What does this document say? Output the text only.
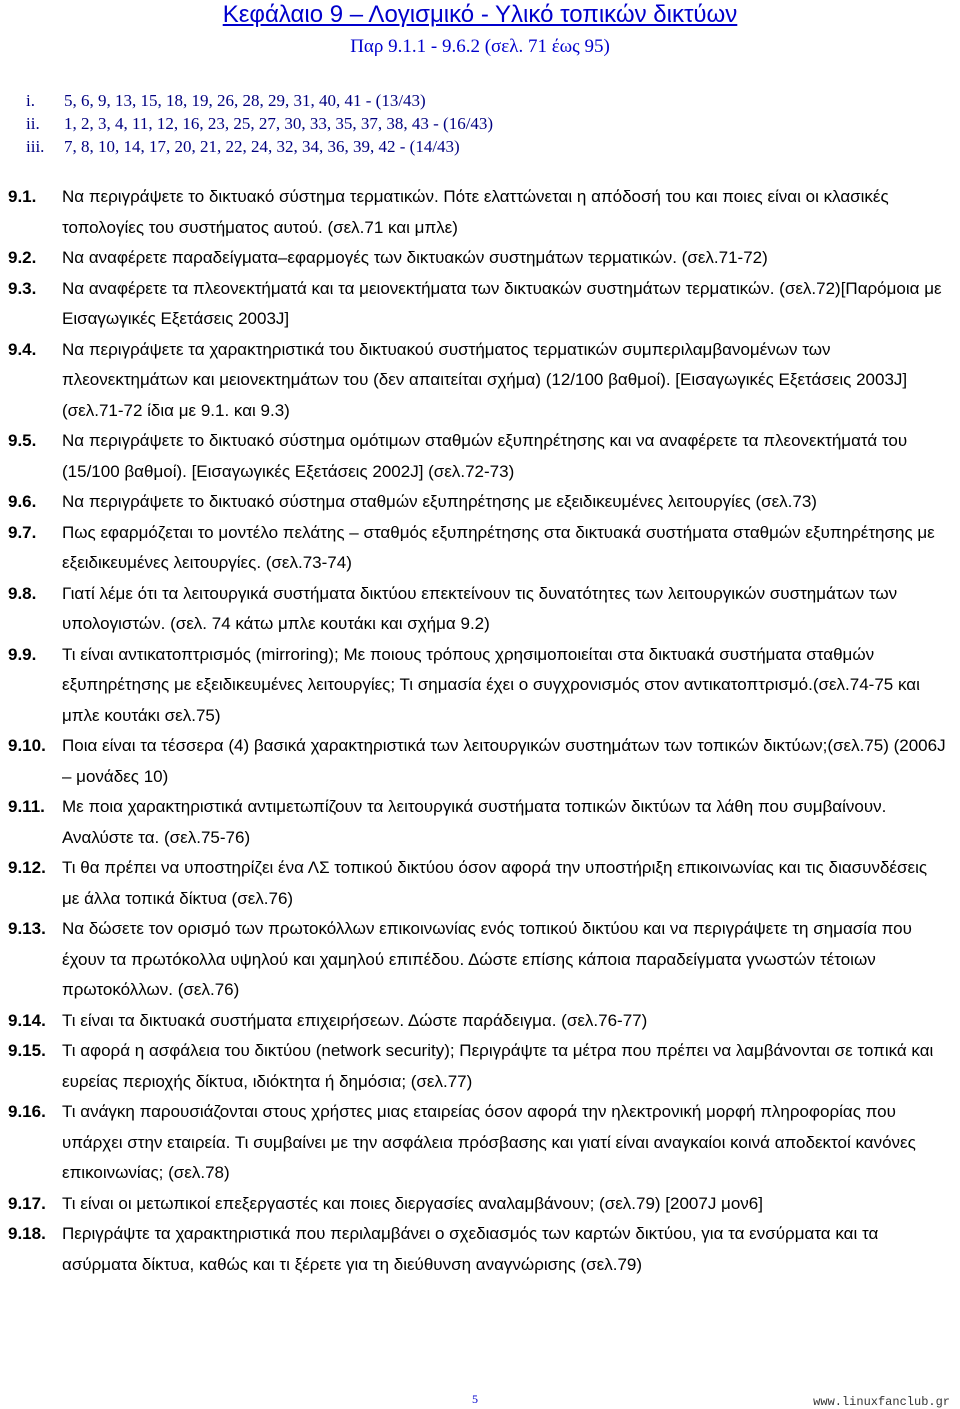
Κεφάλαιο 9 – Λογισμικό - Υλικό τοπικών δικτύων
Παρ 9.1.1 - 9.6.2 (σελ. 71 έως 95)
i.	5, 6, 9, 13, 15, 18, 19, 26, 28, 29, 31, 40, 41 - (13/43)
ii.	1, 2, 3, 4, 11, 12, 16, 23, 25, 27, 30, 33, 35, 37, 38, 43 - (16/43)
iii.	7, 8, 10, 14, 17, 20, 21, 22, 24, 32, 34, 36, 39, 42 - (14/43)
9.1. Να περιγράψετε το δικτυακό σύστημα τερματικών. Πότε ελαττώνεται η απόδοσή του και ποιες είναι οι κλασικές τοπολογίες του συστήματος αυτού. (σελ.71 και μπλε)
9.2. Να αναφέρετε παραδείγματα–εφαρμογές των δικτυακών συστημάτων τερματικών. (σελ.71-72)
9.3. Να αναφέρετε τα πλεονεκτήματά και τα μειονεκτήματα των δικτυακών συστημάτων τερματικών. (σελ.72)[Παρόμοια με Εισαγωγικές Εξετάσεις 2003J]
9.4. Να περιγράψετε τα χαρακτηριστικά του δικτυακού συστήματος τερματικών συμπεριλαμβανομένων των πλεονεκτημάτων και μειονεκτημάτων του (δεν απαιτείται σχήμα) (12/100 βαθμοί). [Εισαγωγικές Εξετάσεις 2003J] (σελ.71-72 ίδια με 9.1. και 9.3)
9.5. Να περιγράψετε το δικτυακό σύστημα ομότιμων σταθμών εξυπηρέτησης και να αναφέρετε τα πλεονεκτήματά του (15/100 βαθμοί). [Εισαγωγικές Εξετάσεις 2002J] (σελ.72-73)
9.6. Να περιγράψετε το δικτυακό σύστημα σταθμών εξυπηρέτησης με εξειδικευμένες λειτουργίες (σελ.73)
9.7. Πως εφαρμόζεται το μοντέλο πελάτης – σταθμός εξυπηρέτησης στα δικτυακά συστήματα σταθμών εξυπηρέτησης με εξειδικευμένες λειτουργίες. (σελ.73-74)
9.8. Γιατί λέμε ότι τα λειτουργικά συστήματα δικτύου επεκτείνουν τις δυνατότητες των λειτουργικών συστημάτων των υπολογιστών. (σελ. 74 κάτω μπλε κουτάκι και σχήμα 9.2)
9.9. Τι είναι αντικατοπτρισμός (mirroring); Με ποιους τρόπους χρησιμοποιείται στα δικτυακά συστήματα σταθμών εξυπηρέτησης με εξειδικευμένες λειτουργίες; Τι σημασία έχει ο συγχρονισμός στον αντικατοπτρισμό.(σελ.74-75 και μπλε κουτάκι σελ.75)
9.10. Ποια είναι τα τέσσερα (4) βασικά χαρακτηριστικά των λειτουργικών συστημάτων των τοπικών δικτύων;(σελ.75) (2006J – μονάδες 10)
9.11. Με ποια χαρακτηριστικά αντιμετωπίζουν τα λειτουργικά συστήματα τοπικών δικτύων τα λάθη που συμβαίνουν. Αναλύστε τα. (σελ.75-76)
9.12. Τι θα πρέπει να υποστηρίζει ένα ΛΣ τοπικού δικτύου όσον αφορά την υποστήριξη επικοινωνίας και τις διασυνδέσεις με άλλα τοπικά δίκτυα (σελ.76)
9.13. Να δώσετε τον ορισμό των πρωτοκόλλων επικοινωνίας ενός τοπικού δικτύου και να περιγράψετε τη σημασία που έχουν τα πρωτόκολλα υψηλού και χαμηλού επιπέδου. Δώστε επίσης κάποια παραδείγματα γνωστών τέτοιων πρωτοκόλλων. (σελ.76)
9.14. Τι είναι τα δικτυακά συστήματα επιχειρήσεων. Δώστε παράδειγμα. (σελ.76-77)
9.15. Τι αφορά η ασφάλεια του δικτύου (network security); Περιγράψτε τα μέτρα που πρέπει να λαμβάνονται σε τοπικά και ευρείας περιοχής δίκτυα, ιδιόκτητα ή δημόσια; (σελ.77)
9.16. Τι ανάγκη παρουσιάζονται στους χρήστες μιας εταιρείας όσον αφορά την ηλεκτρονική μορφή πληροφορίας που υπάρχει στην εταιρεία. Τι συμβαίνει με την ασφάλεια πρόσβασης και γιατί είναι αναγκαίοι κοινά αποδεκτοί κανόνες επικοινωνίας; (σελ.78)
9.17. Τι είναι οι μετωπικοί επεξεργαστές και ποιες διεργασίες αναλαμβάνουν; (σελ.79) [2007J μον6]
9.18. Περιγράψτε τα χαρακτηριστικά που περιλαμβάνει ο σχεδιασμός των καρτών δικτύου, για τα ενσύρματα και τα ασύρματα δίκτυα, καθώς και τι ξέρετε για τη διεύθυνση αναγνώρισης (σελ.79)
5	www.linuxfanclub.gr
